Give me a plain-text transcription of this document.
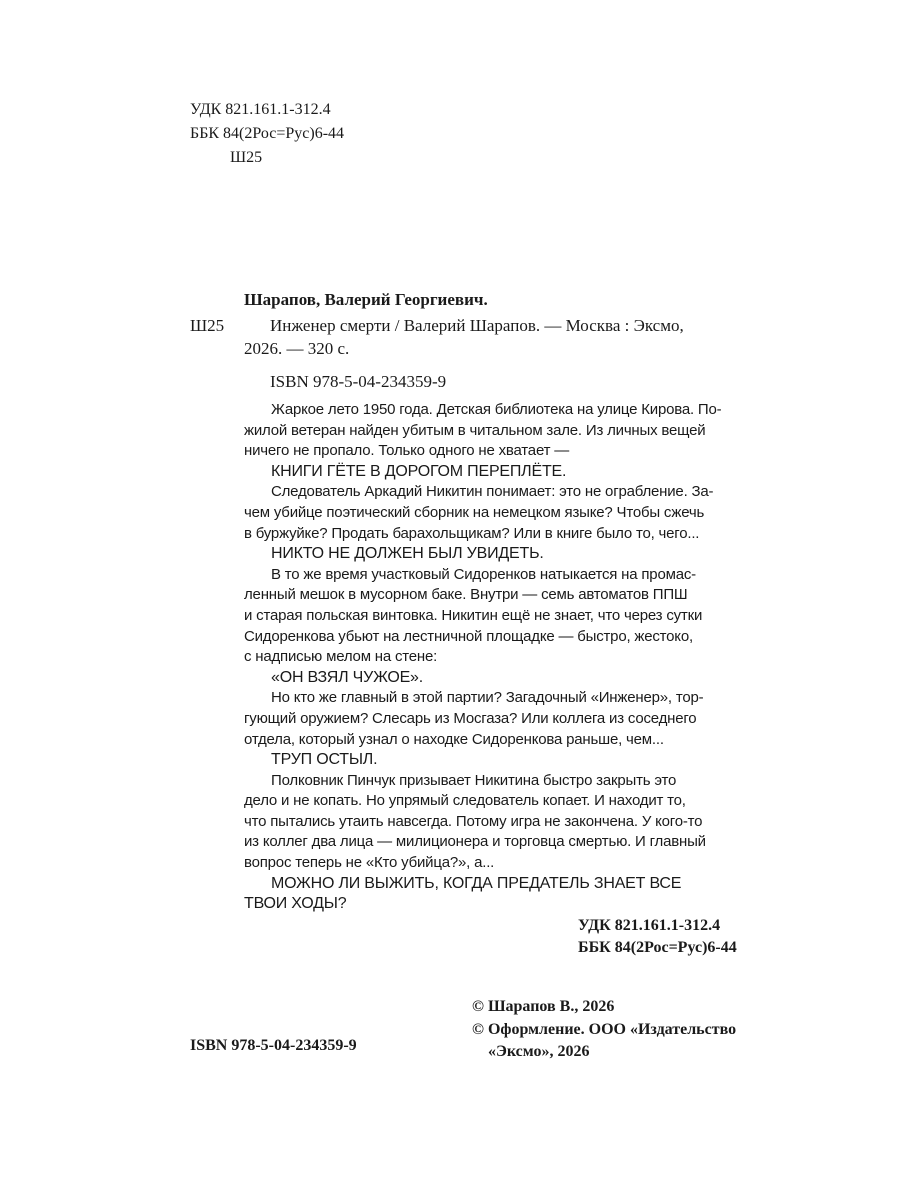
УДК 821.161.1-312.4
ББК 84(2Рос=Рус)6-44
Ш25
Шарапов, Валерий Георгиевич.
Ш25	Инженер смерти / Валерий Шарапов. — Москва : Эксмо,
2026. — 320 с.
ISBN 978-5-04-234359-9
Жаркое лето 1950 года. Детская библиотека на улице Кирова. По-
жилой ветеран найден убитым в читальном зале. Из личных вещей
ничего не пропало. Только одного не хватает —
КНИГИ ГЁТЕ В ДОРОГОМ ПЕРЕПЛЁТЕ.
Следователь Аркадий Никитин понимает: это не ограбление. За-
чем убийце поэтический сборник на немецком языке? Чтобы сжечь
в буржуйке? Продать барахольщикам? Или в книге было то, чего...
НИКТО НЕ ДОЛЖЕН БЫЛ УВИДЕТЬ.
В то же время участковый Сидоренков натыкается на промас-
ленный мешок в мусорном баке. Внутри — семь автоматов ППШ
и старая польская винтовка. Никитин ещё не знает, что через сутки
Сидоренкова убьют на лестничной площадке — быстро, жестоко,
с надписью мелом на стене:
«ОН ВЗЯЛ ЧУЖОЕ».
Но кто же главный в этой партии? Загадочный «Инженер», тор-
гующий оружием? Слесарь из Мосгаза? Или коллега из соседнего
отдела, который узнал о находке Сидоренкова раньше, чем...
ТРУП ОСТЫЛ.
Полковник Пинчук призывает Никитина быстро закрыть это
дело и не копать. Но упрямый следователь копает. И находит то,
что пытались утаить навсегда. Потому игра не закончена. У кого-то
из коллег два лица — милиционера и торговца смертью. И главный
вопрос теперь не «Кто убийца?», а...
МОЖНО ЛИ ВЫЖИТЬ, КОГДА ПРЕДАТЕЛЬ ЗНАЕТ ВСЕ
ТВОИ ХОДЫ?
УДК 821.161.1-312.4
ББК 84(2Рос=Рус)6-44
© Шарапов В., 2026
© Оформление. ООО «Издательство
«Эксмо», 2026
ISBN 978-5-04-234359-9
